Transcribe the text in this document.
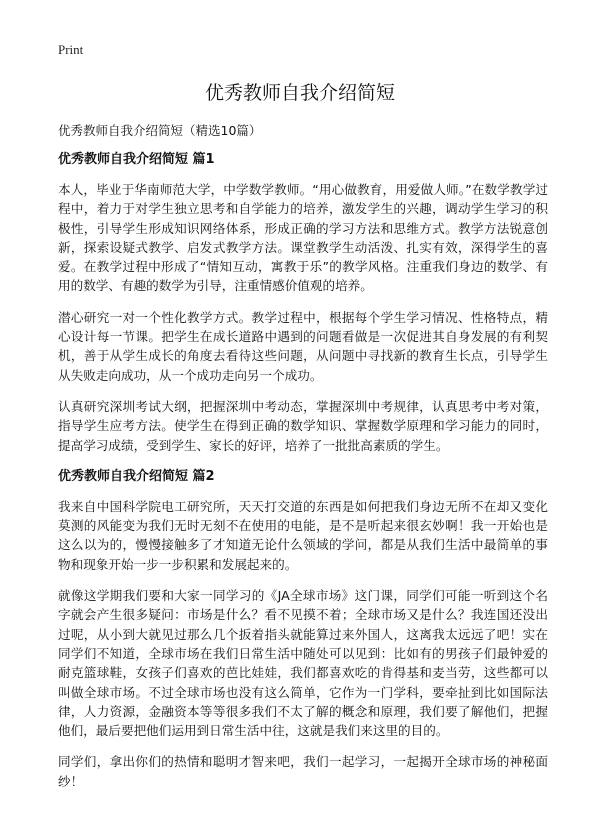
Print
优秀教师自我介绍简短
优秀教师自我介绍简短（精选10篇）
优秀教师自我介绍简短 篇1

本人，毕业于华南师范大学，中学数学教师。“用心做教育，用爱做人师。”在数学教学过程中，着力于对学生独立思考和自学能力的培养，激发学生的兴趣，调动学生学习的积极性，引导学生形成知识网络体系，形成正确的学习方法和思维方式。教学方法锐意创新，探索设疑式教学、启发式教学方法。课堂教学生动活泼、扎实有效，深得学生的喜爱。在教学过程中形成了“情知互动，寓教于乐”的教学风格。注重我们身边的数学、有用的数学、有趣的数学为引导，注重情感价值观的培养。

潜心研究一对一个性化教学方式。教学过程中，根据每个学生学习情况、性格特点，精心设计每一节课。把学生在成长道路中遇到的问题看做是一次促进其自身发展的有利契机，善于从学生成长的角度去看待这些问题，从问题中寻找新的教育生长点，引导学生从失败走向成功，从一个成功走向另一个成功。

认真研究深圳考试大纲，把握深圳中考动态，掌握深圳中考规律，认真思考中考对策，指导学生应考方法。使学生在得到正确的数学知识、掌握数学原理和学习能力的同时，提高学习成绩，受到学生、家长的好评，培养了一批批高素质的学生。

优秀教师自我介绍简短 篇2

我来自中国科学院电工研究所，天天打交道的东西是如何把我们身边无所不在却又变化莫测的风能变为我们无时无刻不在使用的电能，是不是听起来很玄妙啊！我一开始也是这么以为的，慢慢接触多了才知道无论什么领域的学问，都是从我们生活中最简单的事物和现象开始一步一步积累和发展起来的。

就像这学期我们要和大家一同学习的《JA全球市场》这门课，同学们可能一听到这个名字就会产生很多疑问：市场是什么？看不见摸不着；全球市场又是什么？我连国还没出过呢，从小到大就见过那么几个扳着指头就能算过来外国人，这离我太远远了吧！实在同学们不知道，全球市场在我们日常生活中随处可以见到：比如有的男孩子们最钟爱的耐克篮球鞋，女孩子们喜欢的芭比娃娃，我们都喜欢吃的肯得基和麦当劳，这些都可以叫做全球市场。不过全球市场也没有这么简单，它作为一门学科，要牵扯到比如国际法律，人力资源，金融资本等等很多我们不太了解的概念和原理，我们要了解他们，把握他们，最后要把他们运用到日常生活中往，这就是我们来这里的目的。

同学们，拿出你们的热情和聪明才智来吧，我们一起学习，一起揭开全球市场的神秘面纱！
